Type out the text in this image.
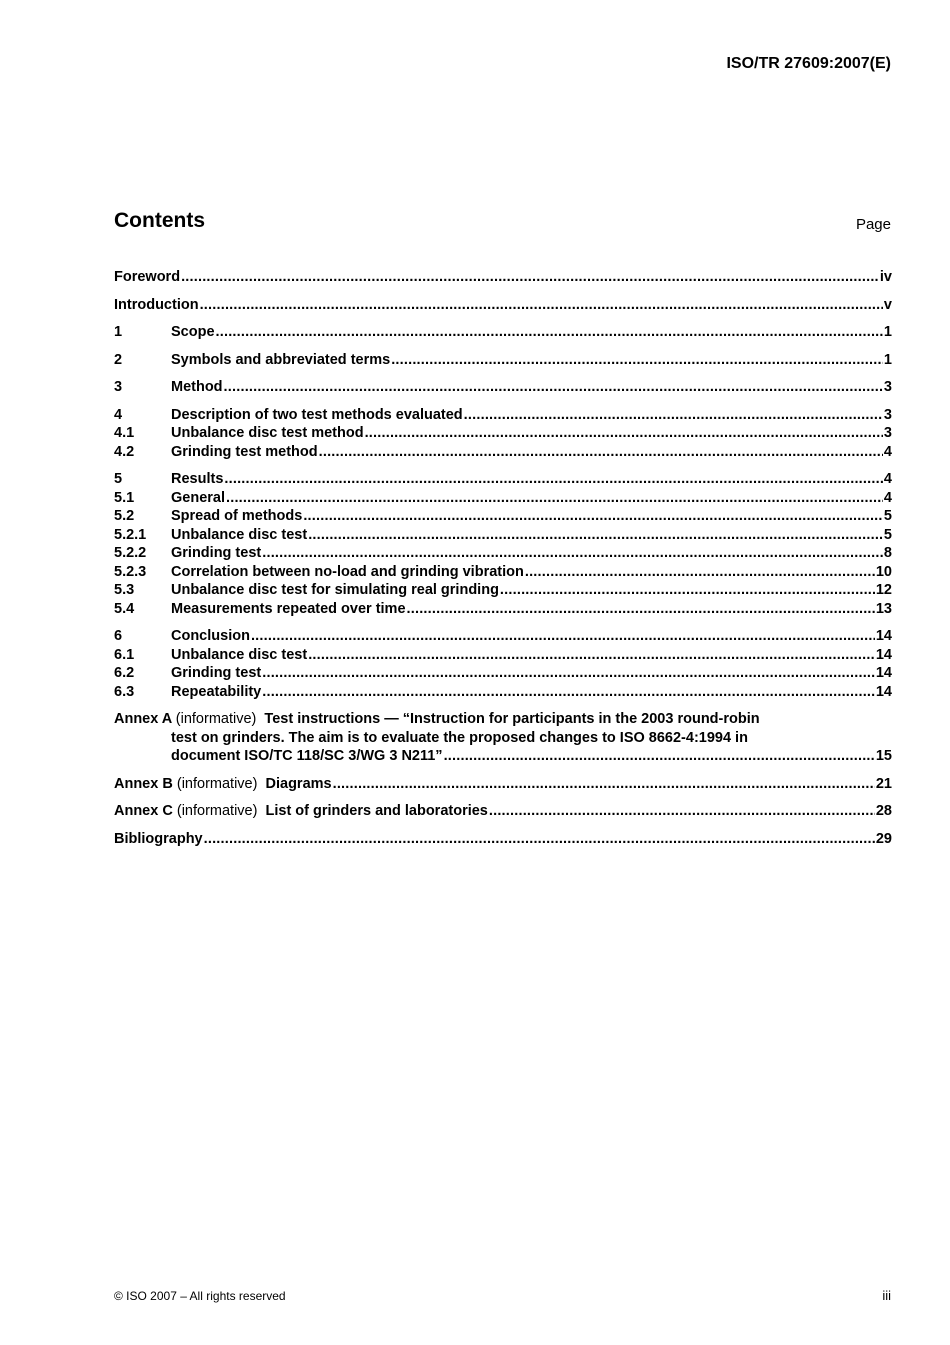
ISO/TR 27609:2007(E)
Contents	Page
Foreword .....	iv
Introduction .....	v
1	Scope .....	1
2	Symbols and abbreviated terms .....	1
3	Method .....	3
4	Description of two test methods evaluated .....	3
4.1	Unbalance disc test method .....	3
4.2	Grinding test method .....	4
5	Results .....	4
5.1	General .....	4
5.2	Spread of methods .....	5
5.2.1	Unbalance disc test .....	5
5.2.2	Grinding test .....	8
5.2.3	Correlation between no-load and grinding vibration .....	10
5.3	Unbalance disc test for simulating real grinding .....	12
5.4	Measurements repeated over time .....	13
6	Conclusion .....	14
6.1	Unbalance disc test .....	14
6.2	Grinding test .....	14
6.3	Repeatability .....	14
Annex A (informative) Test instructions — “Instruction for participants in the 2003 round-robin
test on grinders. The aim is to evaluate the proposed changes to ISO 8662-4:1994 in
document ISO/TC 118/SC 3/WG 3 N211” .....	15
Annex B (informative) Diagrams .....	21
Annex C (informative) List of grinders and laboratories .....	28
Bibliography .....	29
© ISO 2007 – All rights reserved	iii
